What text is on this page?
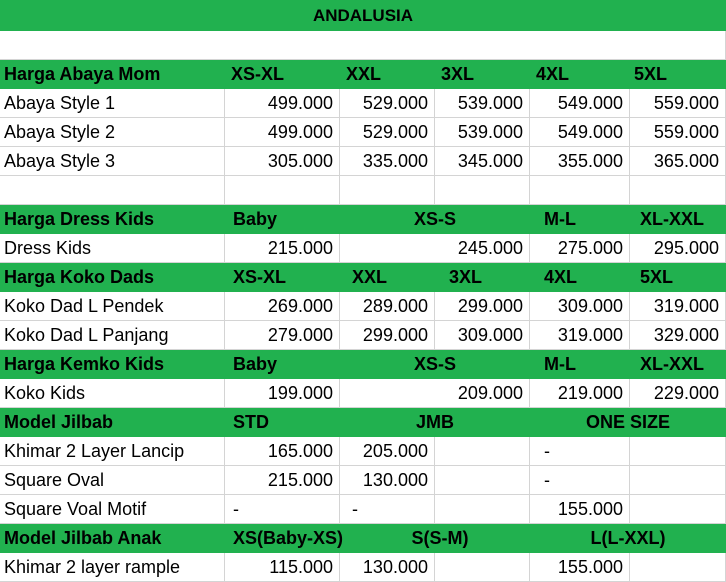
ANDALUSIA
Harga Abaya Mom	XS-XL	XXL	3XL	4XL	5XL
Abaya Style 1	499.000 529.000 539.000 549.000 559.000
Abaya Style 2	499.000 529.000 539.000 549.000 559.000
Abaya Style 3	305.000 335.000 345.000 355.000 365.000
Harga Dress Kids	Baby	XS-S	M-L	XL-XXL
Dress Kids	215.000	245.000 275.000 295.000
Harga Koko Dads	XS-XL	XXL	3XL	4XL	5XL
Koko Dad L Pendek	269.000 289.000 299.000 309.000 319.000
Koko Dad L Panjang	279.000 299.000 309.000 319.000 329.000
Harga Kemko Kids	Baby	XS-S	M-L	XL-XXL
Koko Kids	199.000	209.000 219.000 229.000
Model Jilbab	STD	JMB	ONE SIZE
Khimar 2 Layer Lancip	165.000 205.000	-
Square Oval	215.000 130.000	-
Square Voal Motif	-	-	155.000
Model Jilbab Anak	XS(Baby-XS)	S(S-M)	L(L-XXL)
Khimar 2 layer rample	115.000 130.000	155.000
